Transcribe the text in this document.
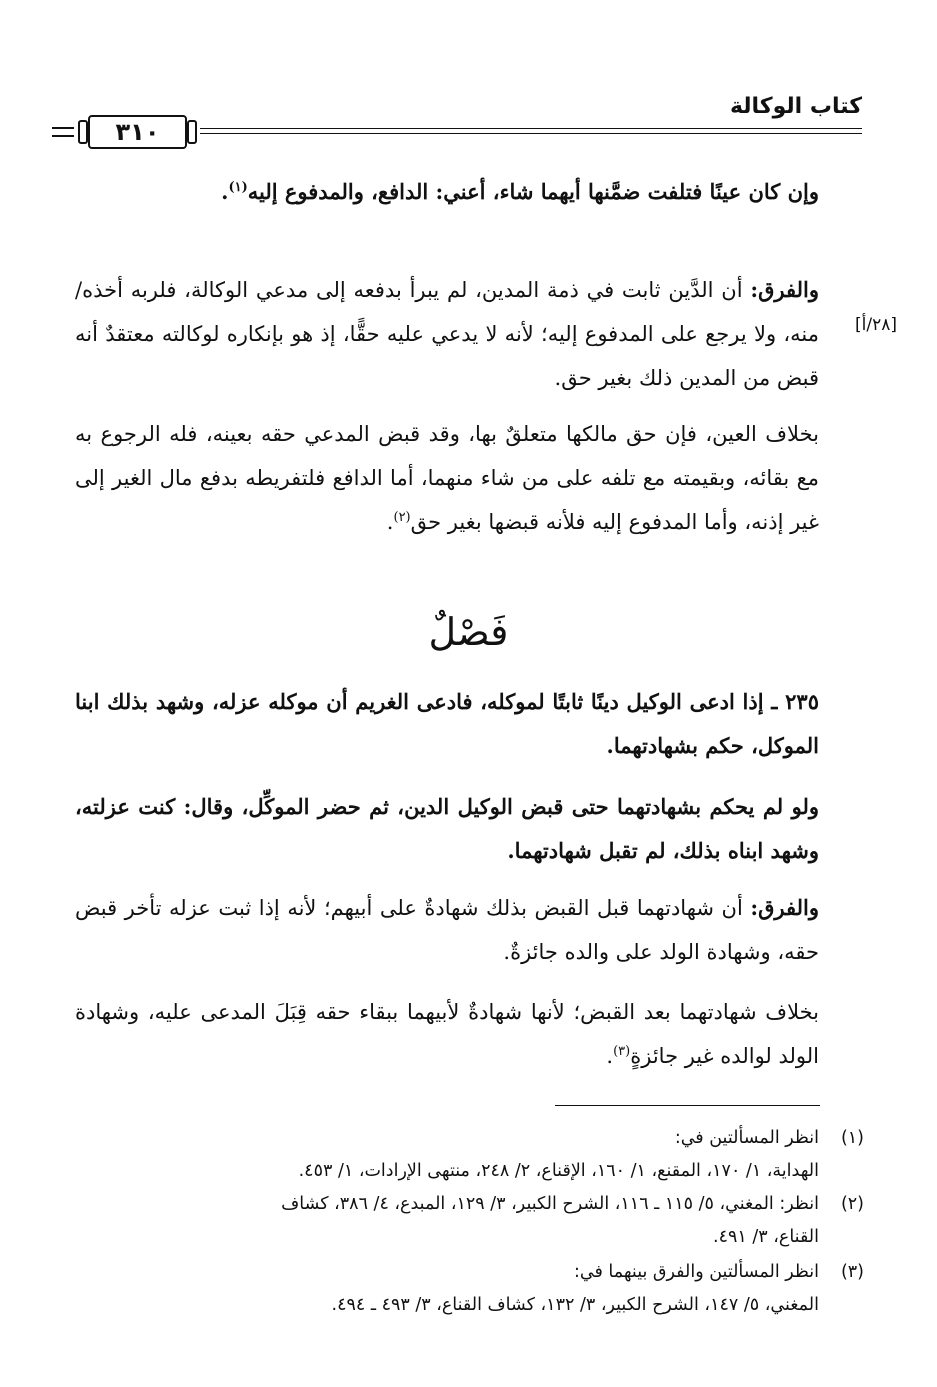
كتاب الوكالة
٣١٠
وإن كان عينًا فتلفت ضمَّنها أيهما شاء، أعني: الدافع، والمدفوع إليه$^{(١)}$.
[٢٨/أ]
والفرق: أن الدَّين ثابت في ذمة المدين، لم يبرأ بدفعه إلى مدعي الوكالة، فلربه أخذه/ منه، ولا يرجع على المدفوع إليه؛ لأنه لا يدعي عليه حقًّا، إذ هو بإنكاره لوكالته معتقدٌ أنه قبض من المدين ذلك بغير حق.
بخلاف العين، فإن حق مالكها متعلقٌ بها، وقد قبض المدعي حقه بعينه، فله الرجوع به مع بقائه، وبقيمته مع تلفه على من شاء منهما، أما الدافع فلتفريطه بدفع مال الغير إلى غير إذنه، وأما المدفوع إليه فلأنه قبضها بغير حق$^{(٢)}$.
فَصْلٌ
٢٣٥ ـ إذا ادعى الوكيل دينًا ثابتًا لموكله، فادعى الغريم أن موكله عزله، وشهد بذلك ابنا الموكل، حكم بشهادتهما.
ولو لم يحكم بشهادتهما حتى قبض الوكيل الدين، ثم حضر الموكِّل، وقال: كنت عزلته، وشهد ابناه بذلك، لم تقبل شهادتهما.
والفرق: أن شهادتهما قبل القبض بذلك شهادةٌ على أبيهم؛ لأنه إذا ثبت عزله تأخر قبض حقه، وشهادة الولد على والده جائزةٌ.
بخلاف شهادتهما بعد القبض؛ لأنها شهادةٌ لأبيهما ببقاء حقه قِبَلَ المدعى عليه، وشهادة الولد لوالده غير جائزةٍ$^{(٣)}$.
(١)
انظر المسألتين في:
الهداية، ١/ ١٧٠، المقنع، ١/ ١٦٠، الإقناع، ٢/ ٢٤٨، منتهى الإرادات، ١/ ٤٥٣.
(٢)
انظر: المغني، ٥/ ١١٥ ـ ١١٦، الشرح الكبير، ٣/ ١٢٩، المبدع، ٤/ ٣٨٦، كشاف
القناع، ٣/ ٤٩١.
(٣)
انظر المسألتين والفرق بينهما في:
المغني، ٥/ ١٤٧، الشرح الكبير، ٣/ ١٣٢، كشاف القناع، ٣/ ٤٩٣ ـ ٤٩٤.
